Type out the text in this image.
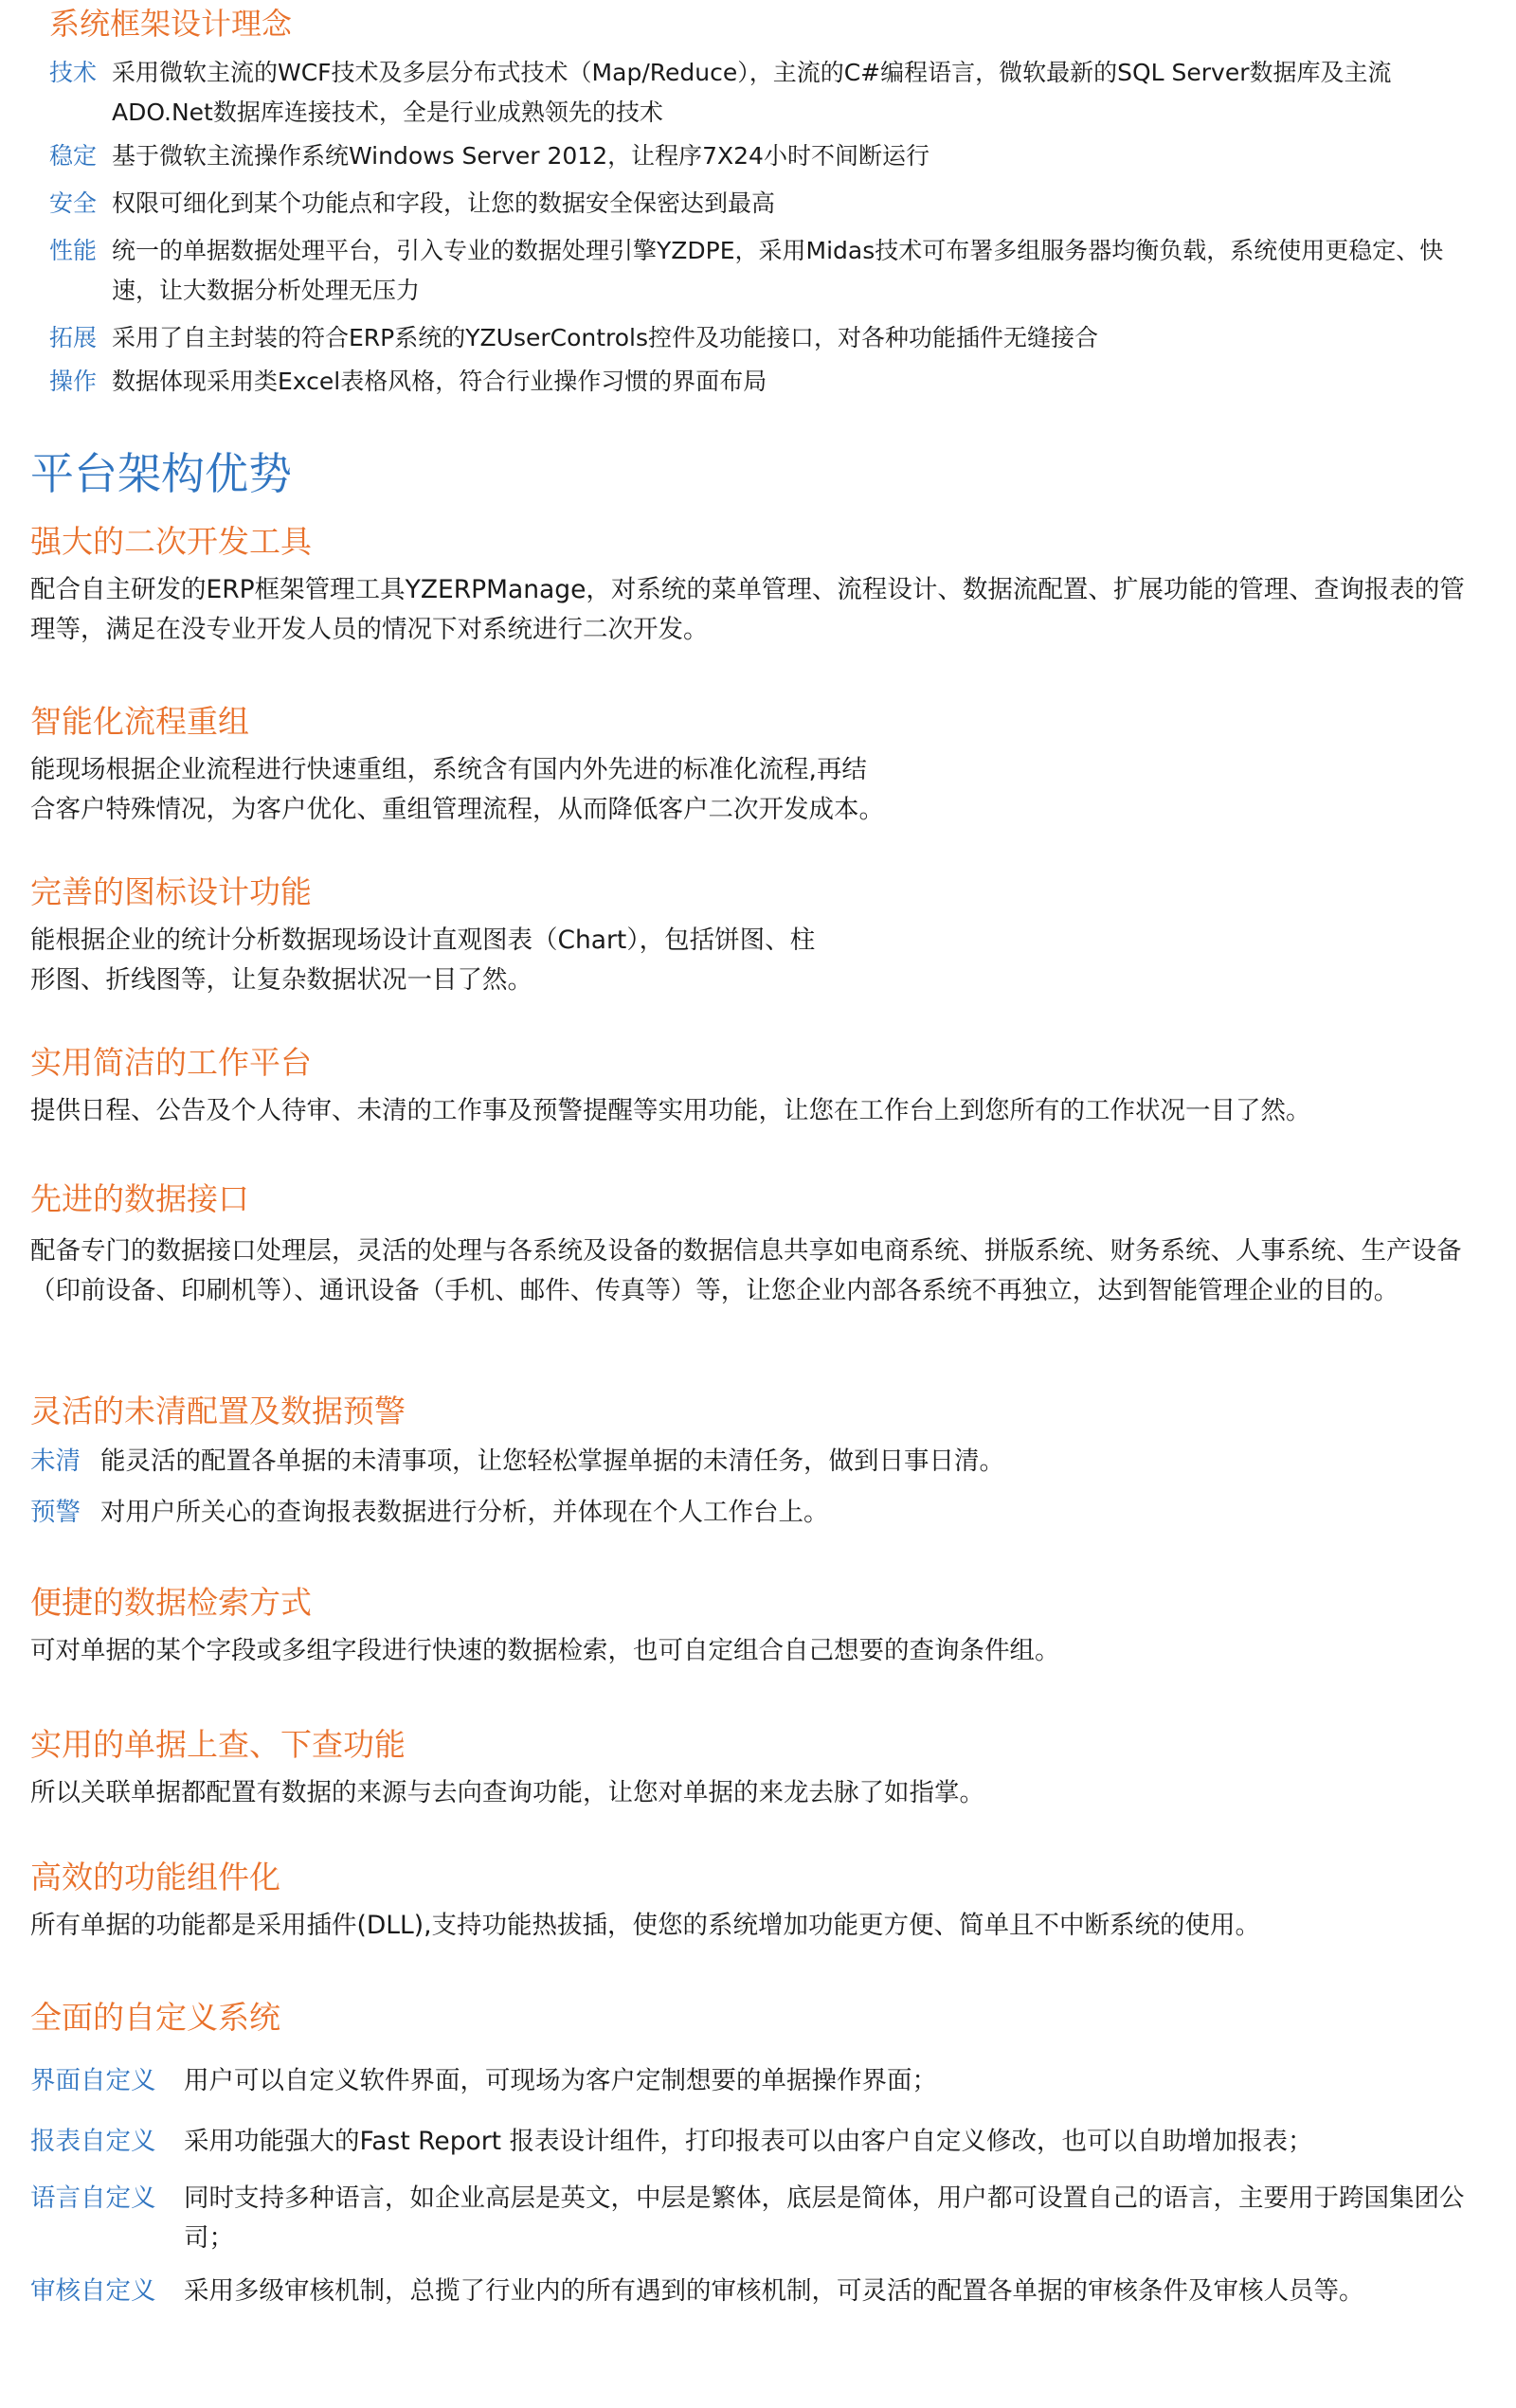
系统框架设计理念
技术 采用微软主流的WCF技术及多层分布式技术（Map/Reduce），主流的C#编程语言，微软最新的SQL Server数据库及主流ADO.Net数据库连接技术，全是行业成熟领先的技术
稳定 基于微软主流操作系统Windows Server 2012，让程序7X24小时不间断运行
安全 权限可细化到某个功能点和字段，让您的数据安全保密达到最高
性能 统一的单据数据处理平台，引入专业的数据处理引擎YZDPE，采用Midas技术可布署多组服务器均衡负载，系统使用更稳定、快速，让大数据分析处理无压力
拓展 采用了自主封装的符合ERP系统的YZUserControls控件及功能接口，对各种功能插件无缝接合
操作 数据体现采用类Excel表格风格，符合行业操作习惯的界面布局
平台架构优势
强大的二次开发工具

配合自主研发的ERP框架管理工具YZERPManage，对系统的菜单管理、流程设计、数据流配置、扩展功能的管理、查询报表的管理等，满足在没专业开发人员的情况下对系统进行二次开发。

智能化流程重组

能现场根据企业流程进行快速重组，系统含有国内外先进的标准化流程,再结

合客户特殊情况，为客户优化、重组管理流程，从而降低客户二次开发成本。

完善的图标设计功能

能根据企业的统计分析数据现场设计直观图表（Chart），包括饼图、柱

形图、折线图等，让复杂数据状况一目了然。

实用简洁的工作平台

提供日程、公告及个人待审、未清的工作事及预警提醒等实用功能，让您在工作台上到您所有的工作状况一目了然。

先进的数据接口

配备专门的数据接口处理层，灵活的处理与各系统及设备的数据信息共享如电商系统、拼版系统、财务系统、人事系统、生产设备（印前设备、印刷机等）、通讯设备（手机、邮件、传真等）等，让您企业内部各系统不再独立，达到智能管理企业的目的。

灵活的未清配置及数据预警
未清 能灵活的配置各单据的未清事项，让您轻松掌握单据的未清任务，做到日事日清。
预警 对用户所关心的查询报表数据进行分析，并体现在个人工作台上。
便捷的数据检索方式

可对单据的某个字段或多组字段进行快速的数据检索，也可自定组合自己想要的查询条件组。

实用的单据上查、下查功能

所以关联单据都配置有数据的来源与去向查询功能，让您对单据的来龙去脉了如指掌。

高效的功能组件化

所有单据的功能都是采用插件(DLL),支持功能热拔插，使您的系统增加功能更方便、简单且不中断系统的使用。

全面的自定义系统
界面自定义	用户可以自定义软件界面，可现场为客户定制想要的单据操作界面；
报表自定义	采用功能强大的Fast Report 报表设计组件，打印报表可以由客户自定义修改，也可以自助增加报表；
语言自定义	同时支持多种语言，如企业高层是英文，中层是繁体，底层是简体，用户都可设置自己的语言，主要用于跨国集团公司；
审核自定义	采用多级审核机制，总揽了行业内的所有遇到的审核机制，可灵活的配置各单据的审核条件及审核人员等。
